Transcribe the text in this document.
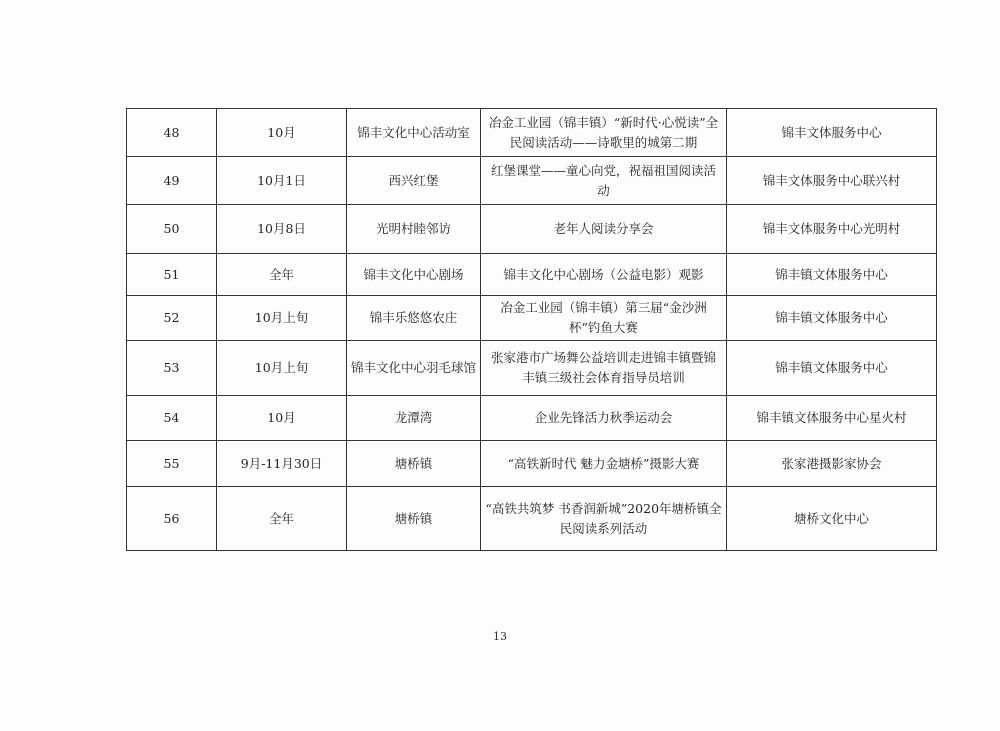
48	10月	锦丰文化中心活动室	冶金工业园（锦丰镇）“新时代·心悦读”全民阅读活动——诗歌里的城第二期	锦丰文体服务中心
49	10月1日	西兴红堡	红堡课堂——童心向党，祝福祖国阅读活动	锦丰文体服务中心联兴村
50	10月8日	光明村睦邻访	老年人阅读分享会	锦丰文体服务中心光明村
51	全年	锦丰文化中心剧场	锦丰文化中心剧场（公益电影）观影	锦丰镇文体服务中心
52	10月上旬	锦丰乐悠悠农庄	冶金工业园（锦丰镇）第三届“金沙洲杯”钓鱼大赛	锦丰镇文体服务中心
53	10月上旬	锦丰文化中心羽毛球馆	张家港市广场舞公益培训走进锦丰镇暨锦丰镇三级社会体育指导员培训	锦丰镇文体服务中心
54	10月	龙潭湾	企业先锋活力秋季运动会	锦丰镇文体服务中心星火村
55	9月-11月30日	塘桥镇	“高铁新时代 魅力金塘桥”摄影大赛	张家港摄影家协会
56	全年	塘桥镇	“高铁共筑梦 书香润新城”2020年塘桥镇全民阅读系列活动	塘桥文化中心
13
